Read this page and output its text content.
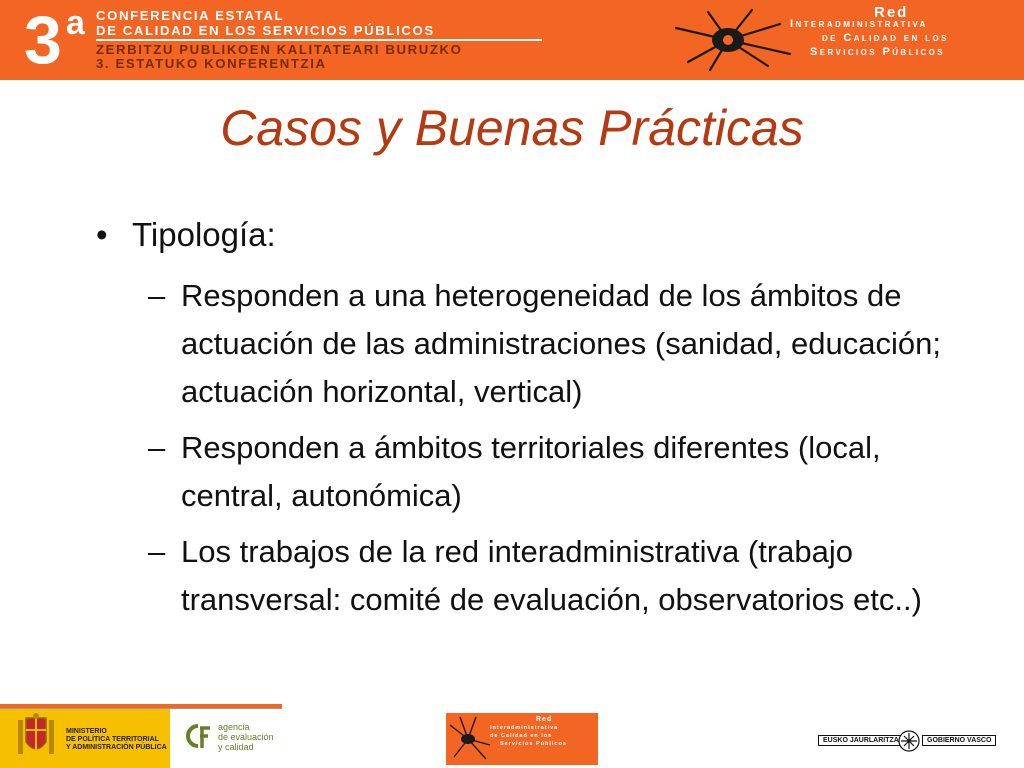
3 a CONFERENCIA ESTATAL
DE CALIDAD EN LOS SERVICIOS PÚBLICOS
ZERBITZU PUBLIKOEN KALITATEARI BURUZKO
3. ESTATUKO KONFERENTZIA
Red
Interadministrativa
de Calidad en los
Servicios Públicos
Casos y Buenas Prácticas
• Tipología:
– Responden a una heterogeneidad de los ámbitos de actuación de las administraciones (sanidad, educación; actuación horizontal, vertical)
– Responden a ámbitos territoriales diferentes (local, central, autonómica)
– Los trabajos de la red interadministrativa (trabajo transversal: comité de evaluación, observatorios etc..)
MINISTERIO
DE POLÍTICA TERRITORIAL
Y ADMINISTRACIÓN PÚBLICA
agencia
de evaluación
y calidad
Red
Interadministrativa
de Calidad en los
Servicios Públicos	EUSKO JAURLARITZA	GOBIERNO VASCO
